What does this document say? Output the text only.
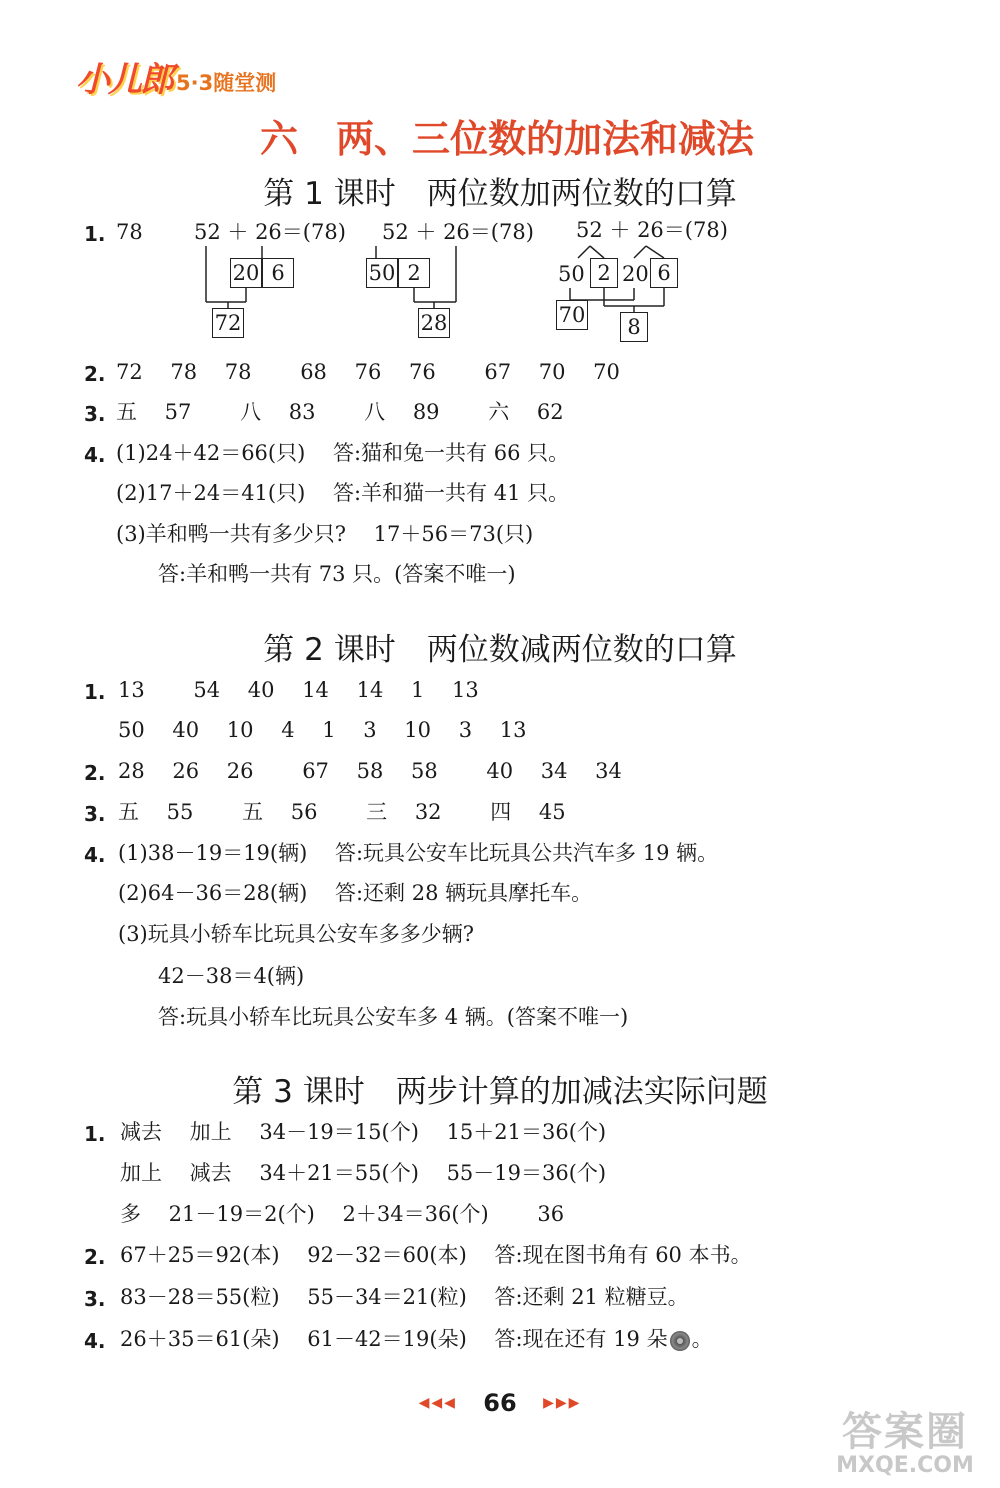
小儿郎 5·3随堂测
六　两、三位数的加法和减法
第 1 课时　两位数加两位数的口算
1. 78 52 ＋ 26＝(78)
20 6
72
52 ＋ 26＝(78)
50 2
28
52 ＋ 26＝(78)
50 2 20 6
70	8
2. 72　 78　 78　　 68　 76　 76　　 67　 70　 70
3. 五　 57　　 八　 83　　 八　 89　　 六　 62
4. (1)24＋42＝66(只)　 答:猫和兔一共有 66 只。
(2)17＋24＝41(只)　 答:羊和猫一共有 41 只。
(3)羊和鸭一共有多少只?　 17＋56＝73(只)
答:羊和鸭一共有 73 只。(答案不唯一)
第 2 课时　两位数减两位数的口算
1. 13　　 54　 40　 14　 14　 1　 13
50　 40　 10　 4　 1　 3　 10　 3　 13
2. 28　 26　 26　　 67　 58　 58　　 40　 34　 34
3. 五　 55　　 五　 56　　 三　 32　　 四　 45
4. (1)38－19＝19(辆)　 答:玩具公安车比玩具公共汽车多 19 辆。
(2)64－36＝28(辆)　 答:还剩 28 辆玩具摩托车。
(3)玩具小轿车比玩具公安车多多少辆?
42－38＝4(辆)
答:玩具小轿车比玩具公安车多 4 辆。(答案不唯一)
第 3 课时　两步计算的加减法实际问题
1. 减去　 加上　 34－19＝15(个)　 15＋21＝36(个)
加上　 减去　 34＋21＝55(个)　 55－19＝36(个)
多　 21－19＝2(个)　 2＋34＝36(个)　　 36
2. 67＋25＝92(本)　 92－32＝60(本)　 答:现在图书角有 60 本书。
3. 83－28＝55(粒)　 55－34＝21(粒)　 答:还剩 21 粒糖豆。
4. 26＋35＝61(朵)　 61－42＝19(朵)　 答:现在还有 19 朵 。
◀◀◀ 66 ▶▶▶
答案圈
MXQE.COM
